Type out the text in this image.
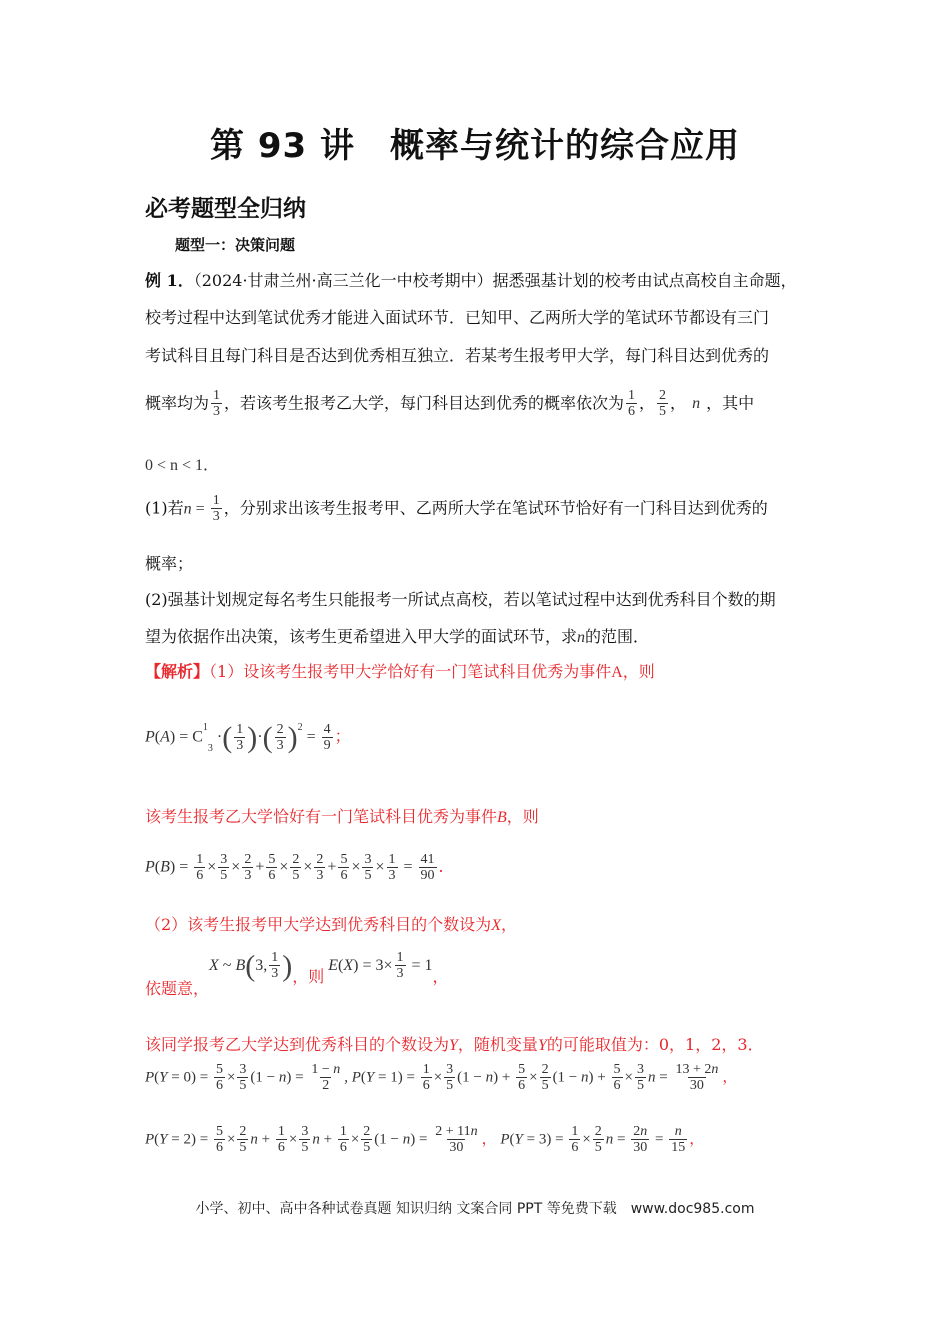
第 93 讲　概率与统计的综合应用
必考题型全归纳
题型一：决策问题
例 1．（2024·甘肃兰州·高三兰化一中校考期中）据悉强基计划的校考由试点高校自主命题，
校考过程中达到笔试优秀才能进入面试环节．已知甲、乙两所大学的笔试环节都设有三门
考试科目且每门科目是否达到优秀相互独立．若某考生报考甲大学，每门科目达到优秀的
概率均为 $\frac{1}{3}$ ，若该考生报考乙大学，每门科目达到优秀的概率依次为 $\frac{1}{6}$ ， $\frac{2}{5}$ ， n ，其中
0 < n < 1．
(1)若$n = \frac{1}{3}$ ，分别求出该考生报考甲、乙两所大学在笔试环节恰好有一门科目达到优秀的
概率；
(2)强基计划规定每名考生只能报考一所试点高校，若以笔试过程中达到优秀科目个数的期
望为依据作出决策，该考生更希望进入甲大学的面试环节，求n的范围．
【解析】（1）设该考生报考甲大学恰好有一门笔试科目优秀为事件A，则
$P(A) = C^13$ ·( $\frac{1}{3}$ )·( $\frac{2}{3} )^2 = \frac{4}{9}$ ；
该考生报考乙大学恰好有一门笔试科目优秀为事件B，则
$P(B) = \frac{1}{6} \times \frac{3}{5} \times \frac{2}{3} + \frac{5}{6} \times \frac{2}{5} \times \frac{2}{3} + \frac{5}{6} \times \frac{3}{5} \times \frac{1}{3} = \frac{41}{90}$ ．
（2）该考生报考甲大学达到优秀科目的个数设为X，
依题意，X ~ B(3, $\frac{1}{3}$ )，则 $E(X) = 3\times \frac{1}{3} = 1$，
该同学报考乙大学达到优秀科目的个数设为Y，随机变量Y的可能取值为：0，1，2，3．
$P(Y = 0) = \frac{5}{6} \times \frac{3}{5} (1 - n) = \frac{1 - n}{2}$ , $P(Y = 1) = \frac{1}{6} \times \frac{3}{5} (1 - n) + \frac{5}{6} \times \frac{2}{5} (1 - n) + \frac{5}{6} \times \frac{3}{5}$ $n = \frac{13 + 2n}{30}$ ，
$P(Y = 2) = \frac{5}{6} \times \frac{2}{5}$ $n + \frac{1}{6} \times \frac{3}{5}$ $n + \frac{1}{6} \times \frac{2}{5} (1 - n) = \frac{2 + 11n}{30}$ ， $P(Y = 3) = \frac{1}{6} \times \frac{2}{5}$ $n = \frac{2n}{30} = \frac{n}{15}$ ，
小学、初中、高中各种试卷真题 知识归纳 文案合同 PPT 等免费下载　www.doc985.com
